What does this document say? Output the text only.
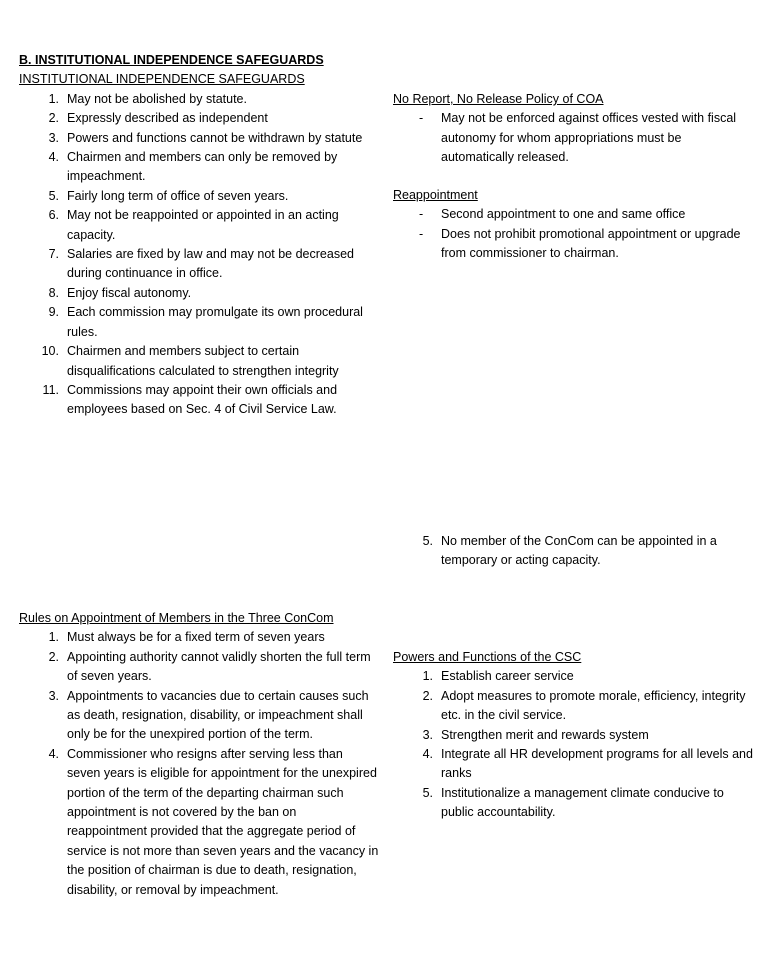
B. INSTITUTIONAL INDEPENDENCE SAFEGUARDS
INSTITUTIONAL INDEPENDENCE SAFEGUARDS
1. May not be abolished by statute.
2. Expressly described as independent
3. Powers and functions cannot be withdrawn by statute
4. Chairmen and members can only be removed by impeachment.
5. Fairly long term of office of seven years.
6. May not be reappointed or appointed in an acting capacity.
7. Salaries are fixed by law and may not be decreased during continuance in office.
8. Enjoy fiscal autonomy.
9. Each commission may promulgate its own procedural rules.
10. Chairmen and members subject to certain disqualifications calculated to strengthen integrity
11. Commissions may appoint their own officials and employees based on Sec. 4 of Civil Service Law.
Rules on Appointment of Members in the Three ConCom
1. Must always be for a fixed term of seven years
2. Appointing authority cannot validly shorten the full term of seven years.
3. Appointments to vacancies due to certain causes such as death, resignation, disability, or impeachment shall only be for the unexpired portion of the term.
4. Commissioner who resigns after serving less than seven years is eligible for appointment for the unexpired portion of the term of the departing chairman such appointment is not covered by the ban on reappointment provided that the aggregate period of service is not more than seven years and the vacancy in the position of chairman is due to death, resignation, disability, or removal by impeachment.
No Report, No Release Policy of COA
-	May not be enforced against offices vested with fiscal autonomy for whom appropriations must be automatically released.
Reappointment
-	Second appointment to one and same office
-	Does not prohibit promotional appointment or upgrade from commissioner to chairman.
5. No member of the ConCom can be appointed in a temporary or acting capacity.
Powers and Functions of the CSC
1. Establish career service
2. Adopt measures to promote morale, efficiency, integrity etc. in the civil service.
3. Strengthen merit and rewards system
4. Integrate all HR development programs for all levels and ranks
5. Institutionalize a management climate conducive to public accountability.
